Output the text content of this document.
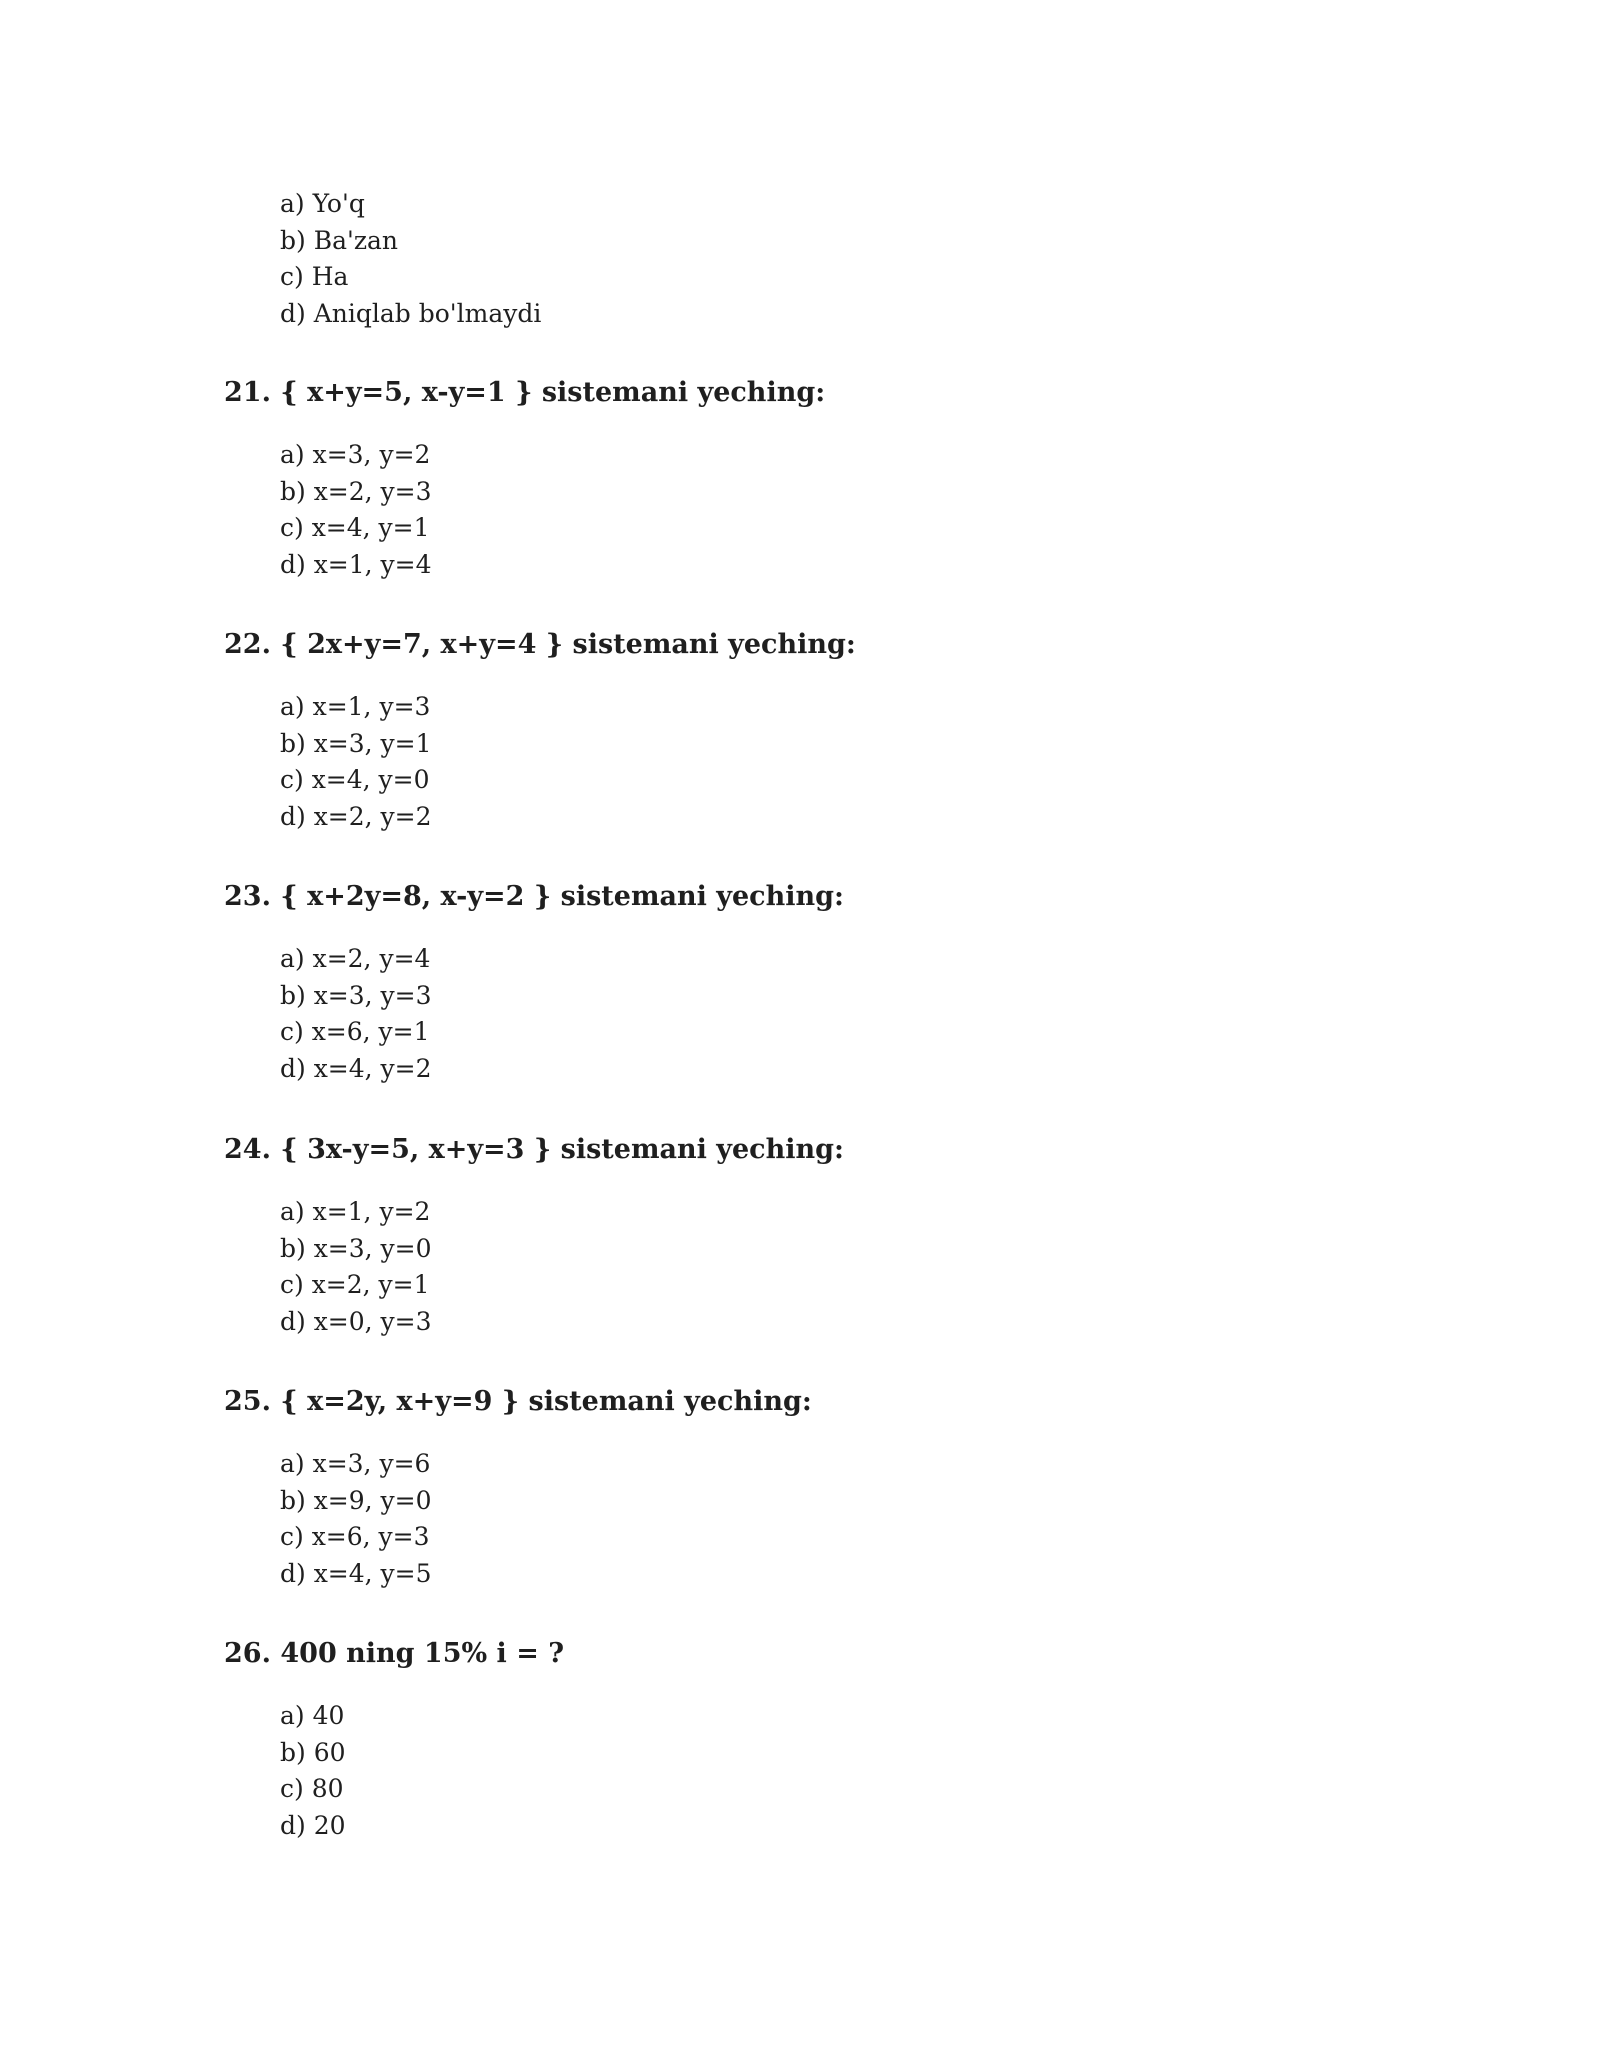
a) Yo'q
b) Ba'zan
c) Ha
d) Aniqlab bo'lmaydi

21. { x+y=5, x-y=1 } sistemani yeching:

a) x=3, y=2
b) x=2, y=3
c) x=4, y=1
d) x=1, y=4

22. { 2x+y=7, x+y=4 } sistemani yeching:

a) x=1, y=3
b) x=3, y=1
c) x=4, y=0
d) x=2, y=2

23. { x+2y=8, x-y=2 } sistemani yeching:

a) x=2, y=4
b) x=3, y=3
c) x=6, y=1
d) x=4, y=2

24. { 3x-y=5, x+y=3 } sistemani yeching:

a) x=1, y=2
b) x=3, y=0
c) x=2, y=1
d) x=0, y=3

25. { x=2y, x+y=9 } sistemani yeching:

a) x=3, y=6
b) x=9, y=0
c) x=6, y=3
d) x=4, y=5

26. 400 ning 15% i = ?

a) 40
b) 60
c) 80
d) 20
